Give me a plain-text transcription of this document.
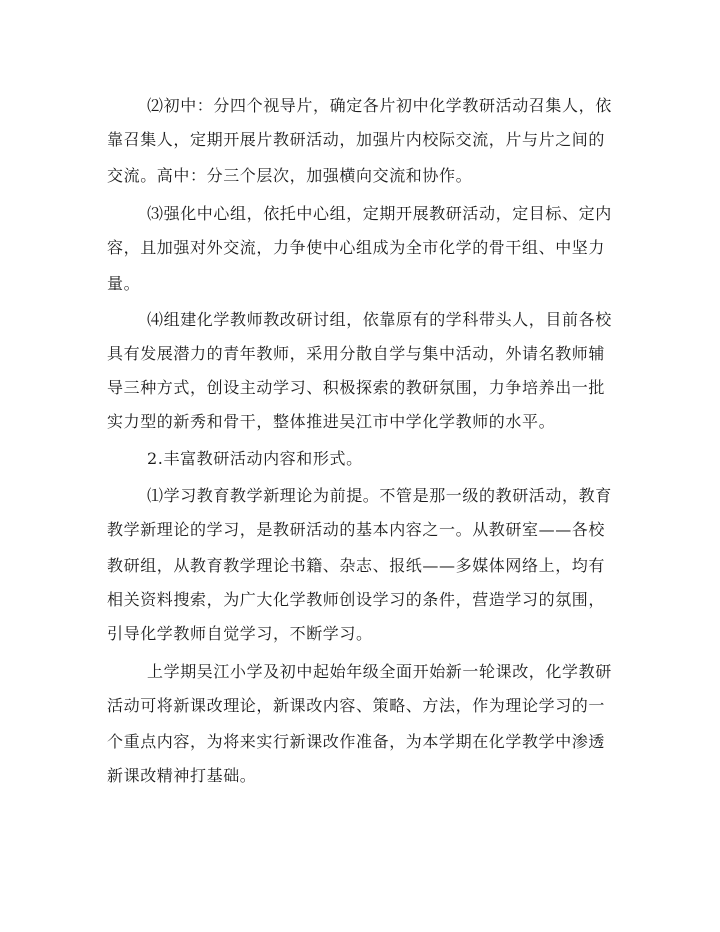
⑵初中：分四个视导片，确定各片初中化学教研活动召集人，依
靠召集人，定期开展片教研活动，加强片内校际交流，片与片之间的
交流。高中：分三个层次，加强横向交流和协作。
⑶强化中心组，依托中心组，定期开展教研活动，定目标、定内
容，且加强对外交流，力争使中心组成为全市化学的骨干组、中坚力
量。
⑷组建化学教师教改研讨组，依靠原有的学科带头人，目前各校
具有发展潜力的青年教师，采用分散自学与集中活动，外请名教师辅
导三种方式，创设主动学习、积极探索的教研氛围，力争培养出一批
实力型的新秀和骨干，整体推进吴江市中学化学教师的水平。
2.丰富教研活动内容和形式。
⑴学习教育教学新理论为前提。不管是那一级的教研活动，教育
教学新理论的学习，是教研活动的基本内容之一。从教研室——各校
教研组，从教育教学理论书籍、杂志、报纸——多媒体网络上，均有
相关资料搜索，为广大化学教师创设学习的条件，营造学习的氛围，
引导化学教师自觉学习，不断学习。
上学期吴江小学及初中起始年级全面开始新一轮课改，化学教研
活动可将新课改理论，新课改内容、策略、方法，作为理论学习的一
个重点内容，为将来实行新课改作准备，为本学期在化学教学中渗透
新课改精神打基础。
